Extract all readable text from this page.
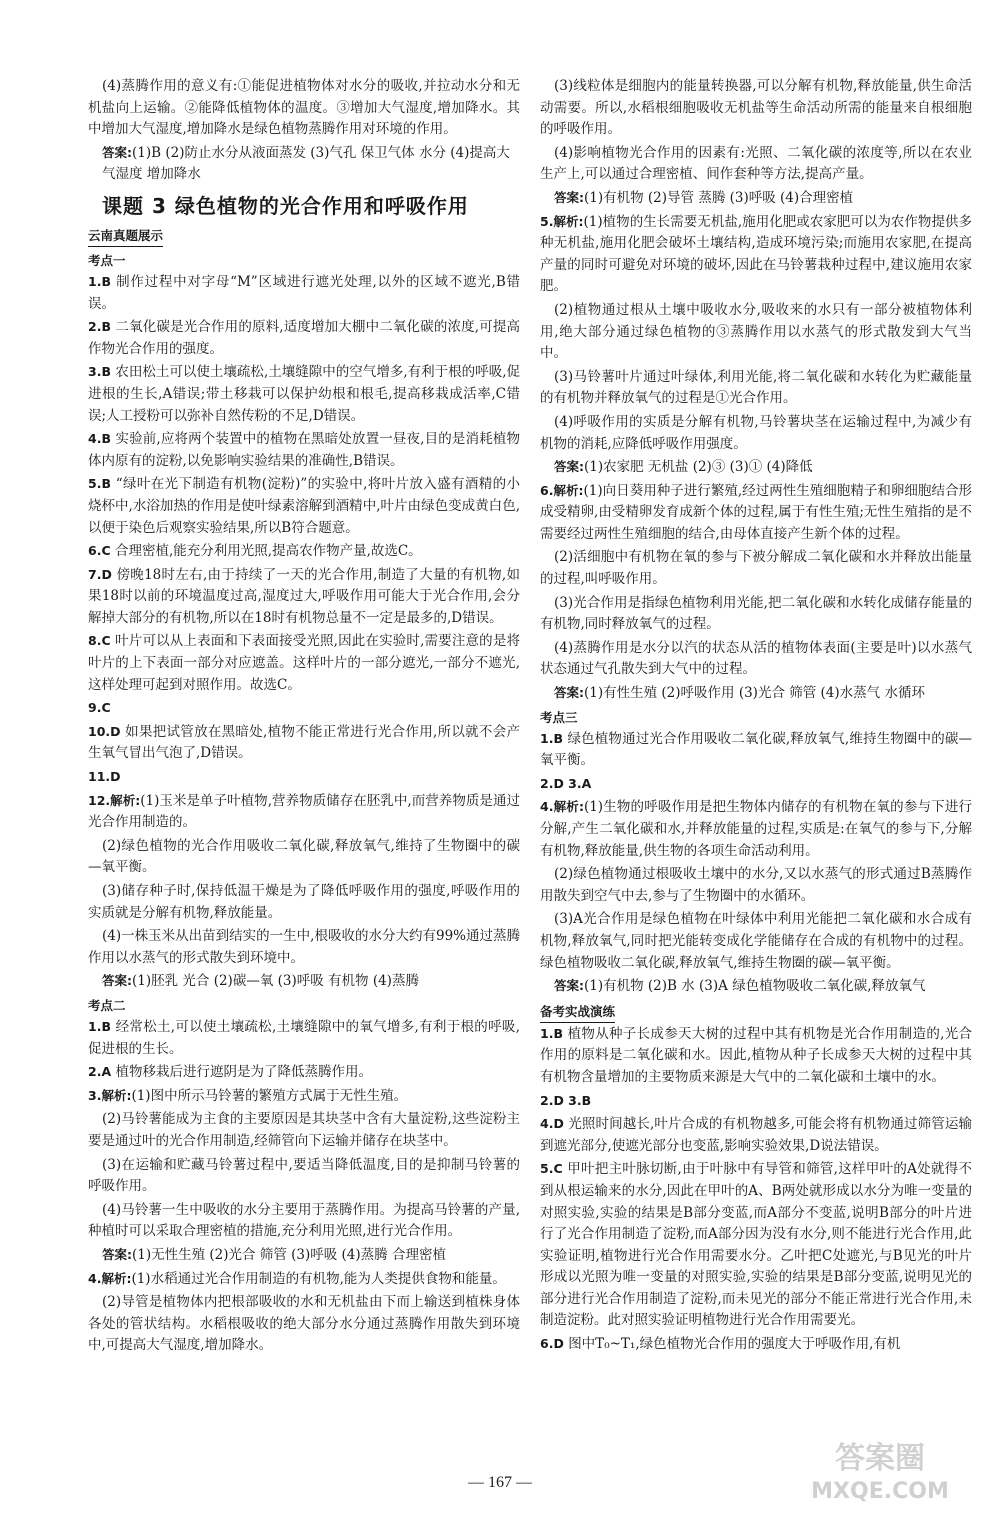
(4)蒸腾作用的意义有:①能促进植物体对水分的吸收,并拉动水分和无机盐向上运输。②能降低植物体的温度。③增加大气湿度,增加降水。其中增加大气湿度,增加降水是绿色植物蒸腾作用对环境的作用。
答案:(1)B (2)防止水分从液面蒸发 (3)气孔 保卫气体 水分 (4)提高大气湿度 增加降水
课题 3 绿色植物的光合作用和呼吸作用
云南真题展示
考点一
1.B 制作过程中对字母“M”区域进行遮光处理,以外的区域不遮光,B错误。
2.B 二氧化碳是光合作用的原料,适度增加大棚中二氧化碳的浓度,可提高作物光合作用的强度。
3.B 农田松土可以使土壤疏松,土壤缝隙中的空气增多,有利于根的呼吸,促进根的生长,A错误;带土移栽可以保护幼根和根毛,提高移栽成活率,C错误;人工授粉可以弥补自然传粉的不足,D错误。
4.B 实验前,应将两个装置中的植物在黑暗处放置一昼夜,目的是消耗植物体内原有的淀粉,以免影响实验结果的准确性,B错误。
5.B “绿叶在光下制造有机物(淀粉)”的实验中,将叶片放入盛有酒精的小烧杯中,水浴加热的作用是使叶绿素溶解到酒精中,叶片由绿色变成黄白色,以便于染色后观察实验结果,所以B符合题意。
6.C 合理密植,能充分利用光照,提高农作物产量,故选C。
7.D 傍晚18时左右,由于持续了一天的光合作用,制造了大量的有机物,如果18时以前的环境温度过高,湿度过大,呼吸作用可能大于光合作用,会分解掉大部分的有机物,所以在18时有机物总量不一定是最多的,D错误。
8.C 叶片可以从上表面和下表面接受光照,因此在实验时,需要注意的是将叶片的上下表面一部分对应遮盖。这样叶片的一部分遮光,一部分不遮光,这样处理可起到对照作用。故选C。
9.C
10.D 如果把试管放在黑暗处,植物不能正常进行光合作用,所以就不会产生氧气冒出气泡了,D错误。
11.D
12.解析:(1)玉米是单子叶植物,营养物质储存在胚乳中,而营养物质是通过光合作用制造的。
(2)绿色植物的光合作用吸收二氧化碳,释放氧气,维持了生物圈中的碳—氧平衡。
(3)储存种子时,保持低温干燥是为了降低呼吸作用的强度,呼吸作用的实质就是分解有机物,释放能量。
(4)一株玉米从出苗到结实的一生中,根吸收的水分大约有99%通过蒸腾作用以水蒸气的形式散失到环境中。
答案:(1)胚乳 光合 (2)碳—氧 (3)呼吸 有机物 (4)蒸腾
考点二
1.B 经常松土,可以使土壤疏松,土壤缝隙中的氧气增多,有利于根的呼吸,促进根的生长。
2.A 植物移栽后进行遮阴是为了降低蒸腾作用。
3.解析:(1)图中所示马铃薯的繁殖方式属于无性生殖。
(2)马铃薯能成为主食的主要原因是其块茎中含有大量淀粉,这些淀粉主要是通过叶的光合作用制造,经筛管向下运输并储存在块茎中。
(3)在运输和贮藏马铃薯过程中,要适当降低温度,目的是抑制马铃薯的呼吸作用。
(4)马铃薯一生中吸收的水分主要用于蒸腾作用。为提高马铃薯的产量,种植时可以采取合理密植的措施,充分利用光照,进行光合作用。
答案:(1)无性生殖 (2)光合 筛管 (3)呼吸 (4)蒸腾 合理密植
4.解析:(1)水稻通过光合作用制造的有机物,能为人类提供食物和能量。
(2)导管是植物体内把根部吸收的水和无机盐由下而上输送到植株身体各处的管状结构。水稻根吸收的绝大部分水分通过蒸腾作用散失到环境中,可提高大气湿度,增加降水。
(3)线粒体是细胞内的能量转换器,可以分解有机物,释放能量,供生命活动需要。所以,水稻根细胞吸收无机盐等生命活动所需的能量来自根细胞的呼吸作用。
(4)影响植物光合作用的因素有:光照、二氧化碳的浓度等,所以在农业生产上,可以通过合理密植、间作套种等方法,提高产量。
答案:(1)有机物 (2)导管 蒸腾 (3)呼吸 (4)合理密植
5.解析:(1)植物的生长需要无机盐,施用化肥或农家肥可以为农作物提供多种无机盐,施用化肥会破坏土壤结构,造成环境污染;而施用农家肥,在提高产量的同时可避免对环境的破坏,因此在马铃薯栽种过程中,建议施用农家肥。
(2)植物通过根从土壤中吸收水分,吸收来的水只有一部分被植物体利用,绝大部分通过绿色植物的③蒸腾作用以水蒸气的形式散发到大气当中。
(3)马铃薯叶片通过叶绿体,利用光能,将二氧化碳和水转化为贮藏能量的有机物并释放氧气的过程是①光合作用。
(4)呼吸作用的实质是分解有机物,马铃薯块茎在运输过程中,为减少有机物的消耗,应降低呼吸作用强度。
答案:(1)农家肥 无机盐 (2)③ (3)① (4)降低
6.解析:(1)向日葵用种子进行繁殖,经过两性生殖细胞精子和卵细胞结合形成受精卵,由受精卵发育成新个体的过程,属于有性生殖;无性生殖指的是不需要经过两性生殖细胞的结合,由母体直接产生新个体的过程。
(2)活细胞中有机物在氧的参与下被分解成二氧化碳和水并释放出能量的过程,叫呼吸作用。
(3)光合作用是指绿色植物利用光能,把二氧化碳和水转化成储存能量的有机物,同时释放氧气的过程。
(4)蒸腾作用是水分以汽的状态从活的植物体表面(主要是叶)以水蒸气状态通过气孔散失到大气中的过程。
答案:(1)有性生殖 (2)呼吸作用 (3)光合 筛管 (4)水蒸气 水循环
考点三
1.B 绿色植物通过光合作用吸收二氧化碳,释放氧气,维持生物圈中的碳—氧平衡。
2.D 3.A
4.解析:(1)生物的呼吸作用是把生物体内储存的有机物在氧的参与下进行分解,产生二氧化碳和水,并释放能量的过程,实质是:在氧气的参与下,分解有机物,释放能量,供生物的各项生命活动利用。
(2)绿色植物通过根吸收土壤中的水分,又以水蒸气的形式通过B蒸腾作用散失到空气中去,参与了生物圈中的水循环。
(3)A光合作用是绿色植物在叶绿体中利用光能把二氧化碳和水合成有机物,释放氧气,同时把光能转变成化学能储存在合成的有机物中的过程。绿色植物吸收二氧化碳,释放氧气,维持生物圈的碳—氧平衡。
答案:(1)有机物 (2)B 水 (3)A 绿色植物吸收二氧化碳,释放氧气
备考实战演练
1.B 植物从种子长成参天大树的过程中其有机物是光合作用制造的,光合作用的原料是二氧化碳和水。因此,植物从种子长成参天大树的过程中其有机物含量增加的主要物质来源是大气中的二氧化碳和土壤中的水。
2.D 3.B
4.D 光照时间越长,叶片合成的有机物越多,可能会将有机物通过筛管运输到遮光部分,使遮光部分也变蓝,影响实验效果,D说法错误。
5.C 甲叶把主叶脉切断,由于叶脉中有导管和筛管,这样甲叶的A处就得不到从根运输来的水分,因此在甲叶的A、B两处就形成以水分为唯一变量的对照实验,实验的结果是B部分变蓝,而A部分不变蓝,说明B部分的叶片进行了光合作用制造了淀粉,而A部分因为没有水分,则不能进行光合作用,此实验证明,植物进行光合作用需要水分。乙叶把C处遮光,与B见光的叶片形成以光照为唯一变量的对照实验,实验的结果是B部分变蓝,说明见光的部分进行光合作用制造了淀粉,而未见光的部分不能正常进行光合作用,未制造淀粉。此对照实验证明植物进行光合作用需要光。
6.D 图中T₀~T₁,绿色植物光合作用的强度大于呼吸作用,有机
— 167 —
答案圈
MXQE.COM
